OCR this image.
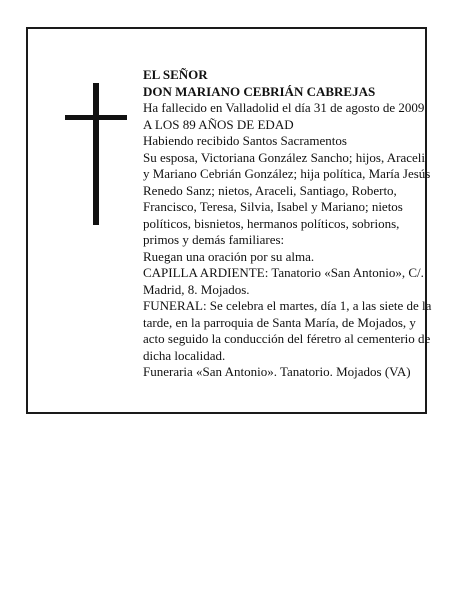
EL SEÑOR

DON MARIANO CEBRIÁN CABREJAS

Ha fallecido en Valladolid el día 31 de agosto de 2009

A LOS 89 AÑOS DE EDAD

Habiendo recibido Santos Sacramentos

Su esposa, Victoriana González Sancho; hijos, Araceli

y Mariano Cebrián González; hija política, María Jesús

Renedo Sanz; nietos, Araceli, Santiago, Roberto,

Francisco, Teresa, Silvia, Isabel y Mariano; nietos

políticos, bisnietos, hermanos políticos, sobrions,

primos y demás familiares:

Ruegan una oración por su alma.

CAPILLA ARDIENTE: Tanatorio «San Antonio», C/.

Madrid, 8. Mojados.

FUNERAL: Se celebra el martes, día 1, a las siete de la

tarde, en la parroquia de Santa María, de Mojados, y

acto seguido la conducción del féretro al cementerio de

dicha localidad.

Funeraria «San Antonio». Tanatorio. Mojados (VA)
